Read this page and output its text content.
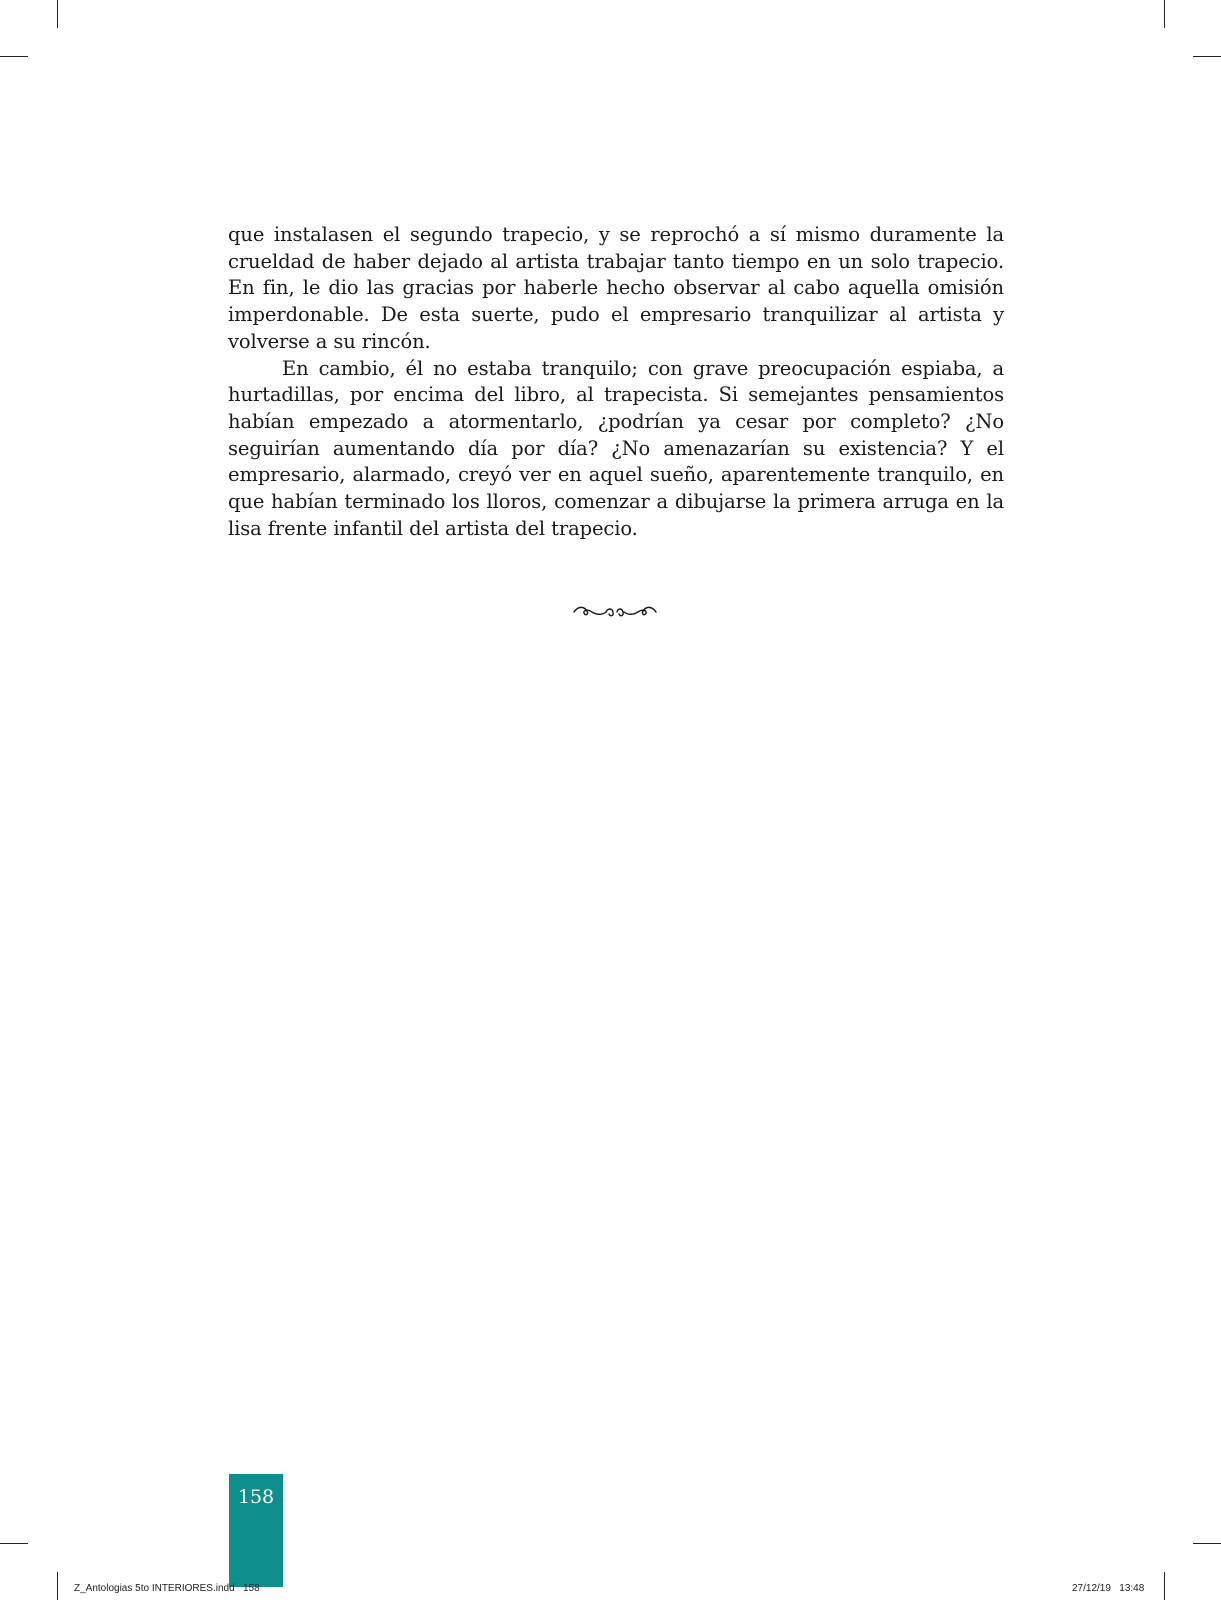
que instalasen el segundo trapecio, y se reprochó a sí mismo duramente la crueldad de haber dejado al artista trabajar tanto tiempo en un solo trapecio. En fin, le dio las gracias por haberle hecho observar al cabo aquella omisión imperdonable. De esta suerte, pudo el empresario tranquilizar al artista y volverse a su rincón.

En cambio, él no estaba tranquilo; con grave preocupación espiaba, a hurtadillas, por encima del libro, al trapecista. Si semejantes pensamientos habían empezado a atormentarlo, ¿podrían ya cesar por completo? ¿No seguirían aumentando día por día? ¿No amenazarían su existencia? Y el empresario, alarmado, creyó ver en aquel sueño, aparentemente tranquilo, en que habían terminado los lloros, comenzar a dibujarse la primera arruga en la lisa frente infantil del artista del trapecio.

158
Z_Antologias 5to INTERIORES.indd   158	27/12/19   13:48
